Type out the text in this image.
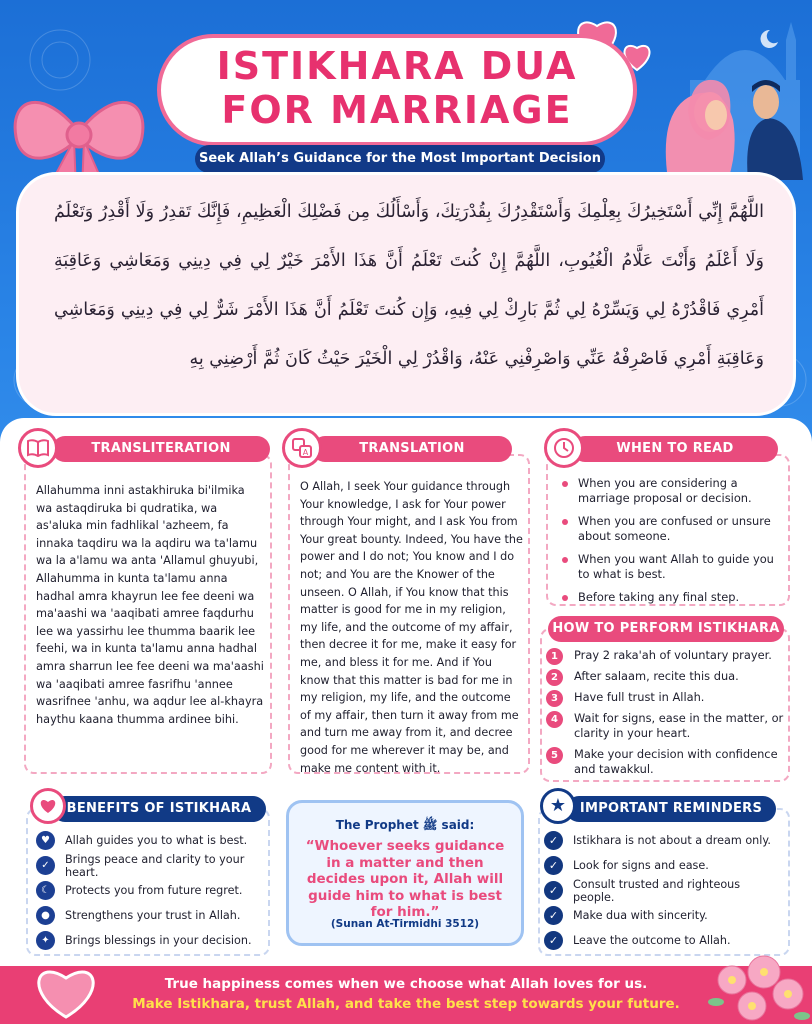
ISTIKHARA DUA
FOR MARRIAGE
Seek Allah’s Guidance for the Most Important Decision
اللَّهُمَّ إِنِّي أَسْتَخِيرُكَ بِعِلْمِكَ وَأَسْتَقْدِرُكَ بِقُدْرَتِكَ، وَأَسْأَلُكَ مِن فَضْلِكَ الْعَظِيمِ، فَإِنَّكَ تَقدِرُ وَلَا أَقْدِرُ وَتَعْلَمُ وَلَا أَعْلَمُ وَأَنْتَ عَلَّامُ الْغُيُوبِ، اللَّهُمَّ إِنْ كُنتَ تَعْلَمُ أَنَّ هَذَا الأَمْرَ خَيْرٌ لِي فِي دِينِي وَمَعَاشِي وَعَاقِبَةِ أَمْرِي فَاقْدُرْهُ لِي وَيَسِّرْهُ لِي ثُمَّ بَارِكْ لِي فِيهِ، وَإِن كُنتَ تَعْلَمُ أَنَّ هَذَا الأَمْرَ شَرٌّ لِي فِي دِينِي وَمَعَاشِي وَعَاقِبَةِ أَمْرِي فَاصْرِفْهُ عَنِّي وَاصْرِفْنِي عَنْهُ، وَاقْدُرْ لِي الْخَيْرَ حَيْثُ كَانَ ثُمَّ أَرْضِنِي بِهِ
TRANSLITERATION
Allahumma inni astakhiruka bi'ilmika wa astaqdiruka bi qudratika, wa as'aluka min fadhlikal 'azheem, fa innaka taqdiru wa la aqdiru wa ta'lamu wa la a'lamu wa anta 'Allamul ghuyubi, Allahumma in kunta ta'lamu anna hadhal amra khayrun lee fee deeni wa ma'aashi wa 'aaqibati amree faqdurhu lee wa yassirhu lee thumma baarik lee feehi, wa in kunta ta'lamu anna hadhal amra sharrun lee fee deeni wa ma'aashi wa 'aaqibati amree fasrifhu 'annee wasrifnee 'anhu, wa aqdur lee al-khayra haythu kaana thumma ardinee bihi.
TRANSLATION
A
O Allah, I seek Your guidance through Your knowledge, I ask for Your power through Your might, and I ask You from Your great bounty. Indeed, You have the power and I do not; You know and I do not; and You are the Knower of the unseen. O Allah, if You know that this matter is good for me in my religion, my life, and the outcome of my affair, then decree it for me, make it easy for me, and bless it for me. And if You know that this matter is bad for me in my religion, my life, and the outcome of my affair, then turn it away from me and turn me away from it, and decree good for me wherever it may be, and make me content with it.
WHEN TO READ
When you are considering a marriage proposal or decision.
When you are confused or unsure about someone.
When you want Allah to guide you to what is best.
Before taking any final step.
HOW TO PERFORM ISTIKHARA
1	Pray 2 raka'ah of voluntary prayer.
2	After salaam, recite this dua.
3	Have full trust in Allah.
4	Wait for signs, ease in the matter, or clarity in your heart.
5	Make your decision with confidence and tawakkul.
BENEFITS OF ISTIKHARA
♥	Allah guides you to what is best.
✓	Brings peace and clarity to your heart.
☾	Protects you from future regret.
●	Strengthens your trust in Allah.
✦	Brings blessings in your decision.
The Prophet ﷺ said:
“Whoever seeks guidance in a matter and then decides upon it, Allah will guide him to what is best for him.”
(Sunan At-Tirmidhi 3512)
IMPORTANT REMINDERS
★
✓	Istikhara is not about a dream only.
✓	Look for signs and ease.
✓	Consult trusted and righteous people.
✓	Make dua with sincerity.
✓	Leave the outcome to Allah.
True happiness comes when we choose what Allah loves for us.
Make Istikhara, trust Allah, and take the best step towards your future.
